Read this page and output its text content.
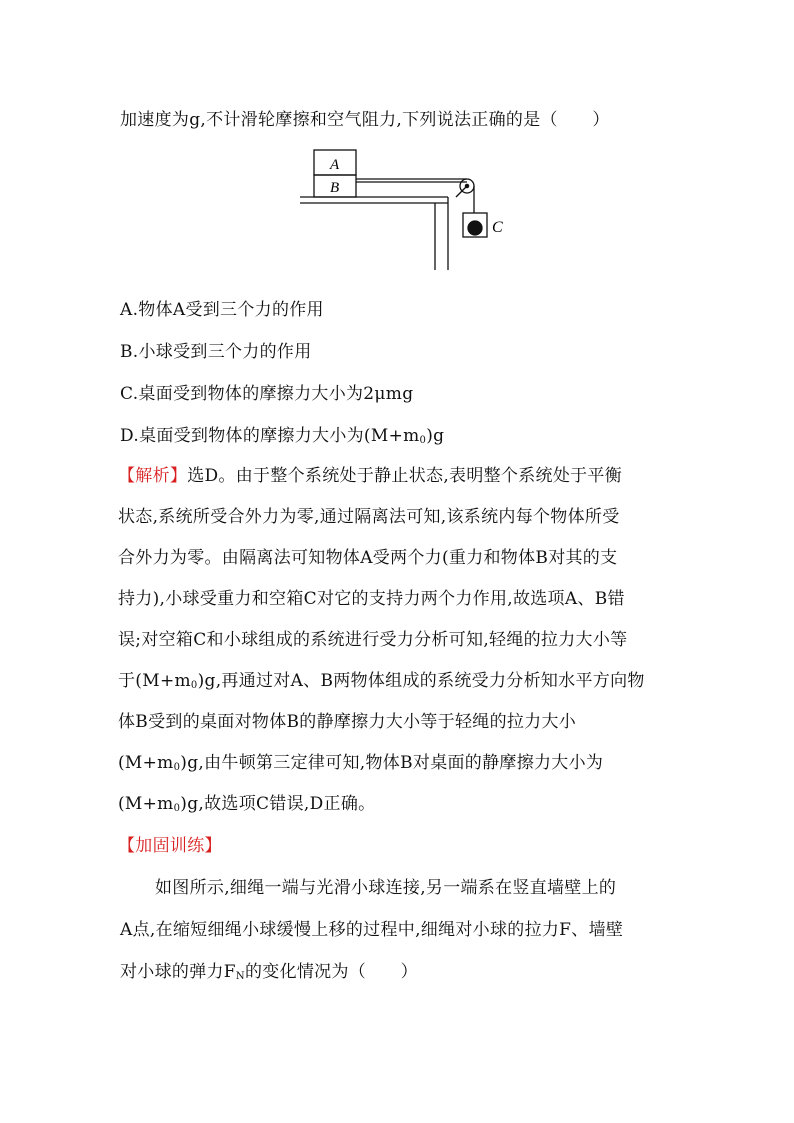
加速度为g,不计滑轮摩擦和空气阻力,下列说法正确的是（　　）
A
B
C
A.物体A受到三个力的作用
B.小球受到三个力的作用
C.桌面受到物体的摩擦力大小为2μmg
D.桌面受到物体的摩擦力大小为$(M+m_0)g$
【解析】选D。由于整个系统处于静止状态,表明整个系统处于平衡
状态,系统所受合外力为零,通过隔离法可知,该系统内每个物体所受
合外力为零。由隔离法可知物体A受两个力(重力和物体B对其的支
持力),小球受重力和空箱C对它的支持力两个力作用,故选项A、B错
误;对空箱C和小球组成的系统进行受力分析可知,轻绳的拉力大小等
于$(M+m_0)g$,再通过对A、B两物体组成的系统受力分析知水平方向物
体B受到的桌面对物体B的静摩擦力大小等于轻绳的拉力大小
$(M+m_0)g$,由牛顿第三定律可知,物体B对桌面的静摩擦力大小为
$(M+m_0)g$,故选项C错误,D正确。
【加固训练】
如图所示,细绳一端与光滑小球连接,另一端系在竖直墙壁上的
A点,在缩短细绳小球缓慢上移的过程中,细绳对小球的拉力F、墙壁
对小球的弹力$F_N$的变化情况为（　　）
